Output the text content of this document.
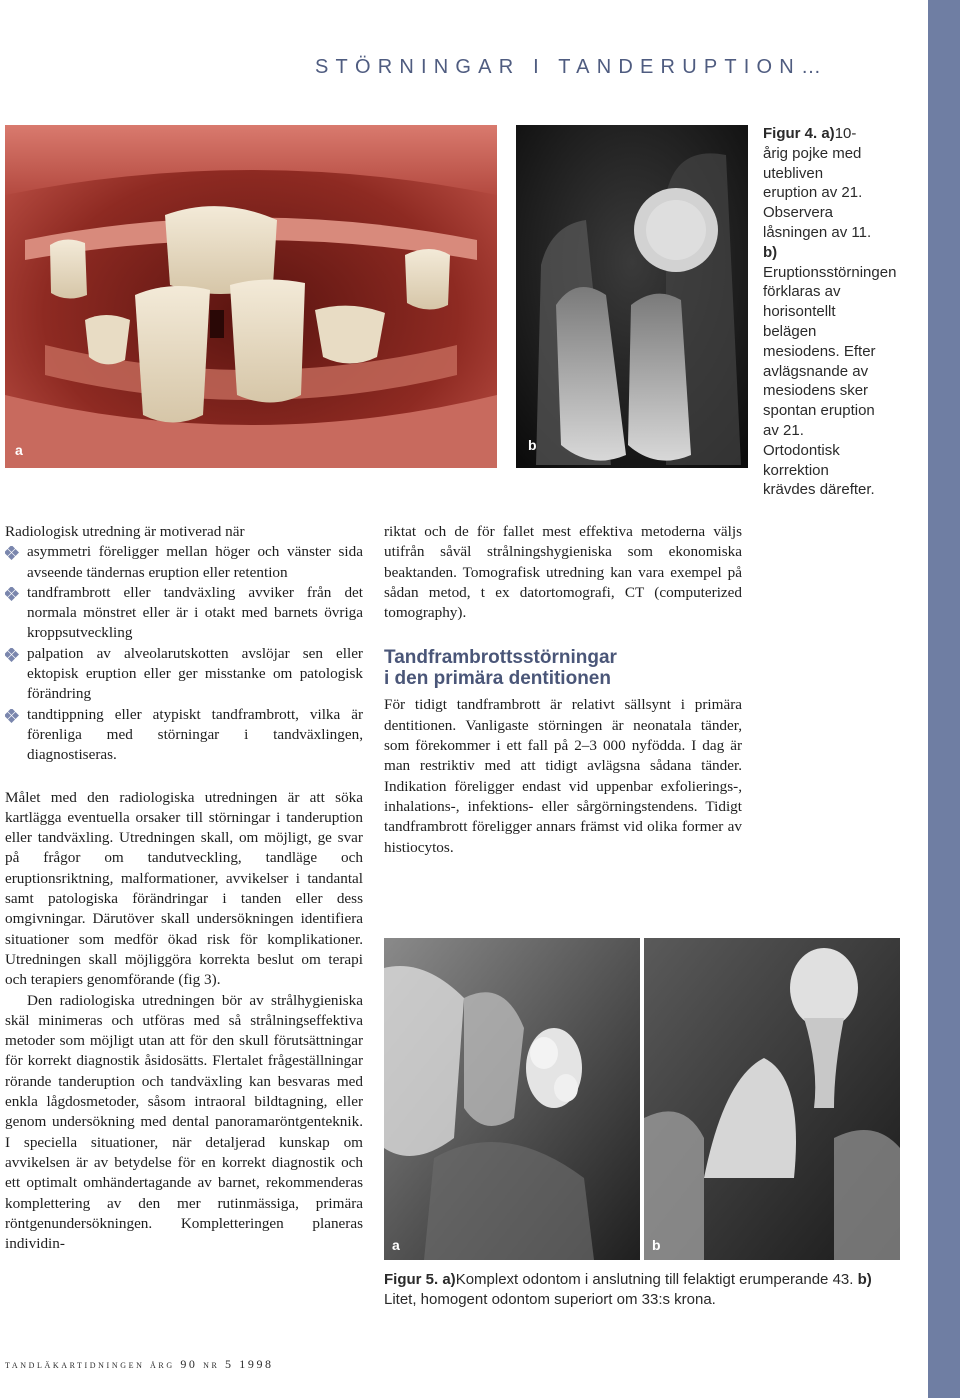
STÖRNINGAR I TANDERUPTION…
a	b
Figur 4. a)10-årig pojke med utebliven eruption av 21. Observera låsningen av 11. b) Eruptionsstörningen förklaras av horisontellt belägen mesiodens. Efter avlägsnande av mesiodens sker spontan eruption av 21. Ortodontisk korrektion krävdes därefter.

Radiologisk utredning är motiverad när

asymmetri föreligger mellan höger och vänster sida avseende tändernas eruption eller retention
tandframbrott eller tandväxling avviker från det normala mönstret eller är i otakt med barnets övriga kroppsutveckling
palpation av alveolarutskotten avslöjar sen eller ektopisk eruption eller ger misstanke om patologisk förändring
tandtippning eller atypiskt tandframbrott, vilka är förenliga med störningar i tandväxlingen, diagnostiseras.

Målet med den radiologiska utredningen är att söka kartlägga eventuella orsaker till störningar i tanderuption eller tandväxling. Utredningen skall, om möjligt, ge svar på frågor om tandutveckling, tandläge och eruptionsriktning, malformationer, avvikelser i tandantal samt patologiska förändringar i tanden eller dess omgivningar. Därutöver skall undersökningen identifiera situationer som medför ökad risk för komplikationer. Utredningen skall möjliggöra korrekta beslut om terapi och terapiers genomförande (fig 3).

Den radiologiska utredningen bör av strålhygieniska skäl minimeras och utföras med så strålningseffektiva metoder som möjligt utan att för den skull förutsättningar för korrekt diagnostik åsidosätts. Flertalet frågeställningar rörande tanderuption och tandväxling kan besvaras med enkla lågdosmetoder, såsom intraoral bildtagning, eller genom undersökning med dental panoramaröntgenteknik. I speciella situationer, när detaljerad kunskap om avvikelsen är av betydelse för en korrekt diagnostik och ett optimalt omhändertagande av barnet, rekommenderas komplettering av den mer rutinmässiga, primära röntgenundersökningen. Kompletteringen planeras individin-

riktat och de för fallet mest effektiva metoderna väljs utifrån såväl strålningshygieniska som ekonomiska beaktanden. Tomografisk utredning kan vara exempel på sådan metod, t ex datortomografi, CT (computerized tomography).

Tandframbrottsstörningar
i den primära dentitionen

För tidigt tandframbrott är relativt sällsynt i primära dentitionen. Vanligaste störningen är neonatala tänder, som förekommer i ett fall på 2–3 000 nyfödda. I dag är man restriktiv med att tidigt avlägsna sådana tänder. Indikation föreligger endast vid uppenbar exfolierings-, inhalations-, infektions- eller sårgörningstendens. Tidigt tandframbrott föreligger annars främst vid olika former av histiocytos.

a	b
Figur 5. a)Komplext odontom i anslutning till felaktigt erumperande 43. b) Litet, homogent odontom superiort om 33:s krona.
tandläkartidningen årg 90 nr 5 1998
